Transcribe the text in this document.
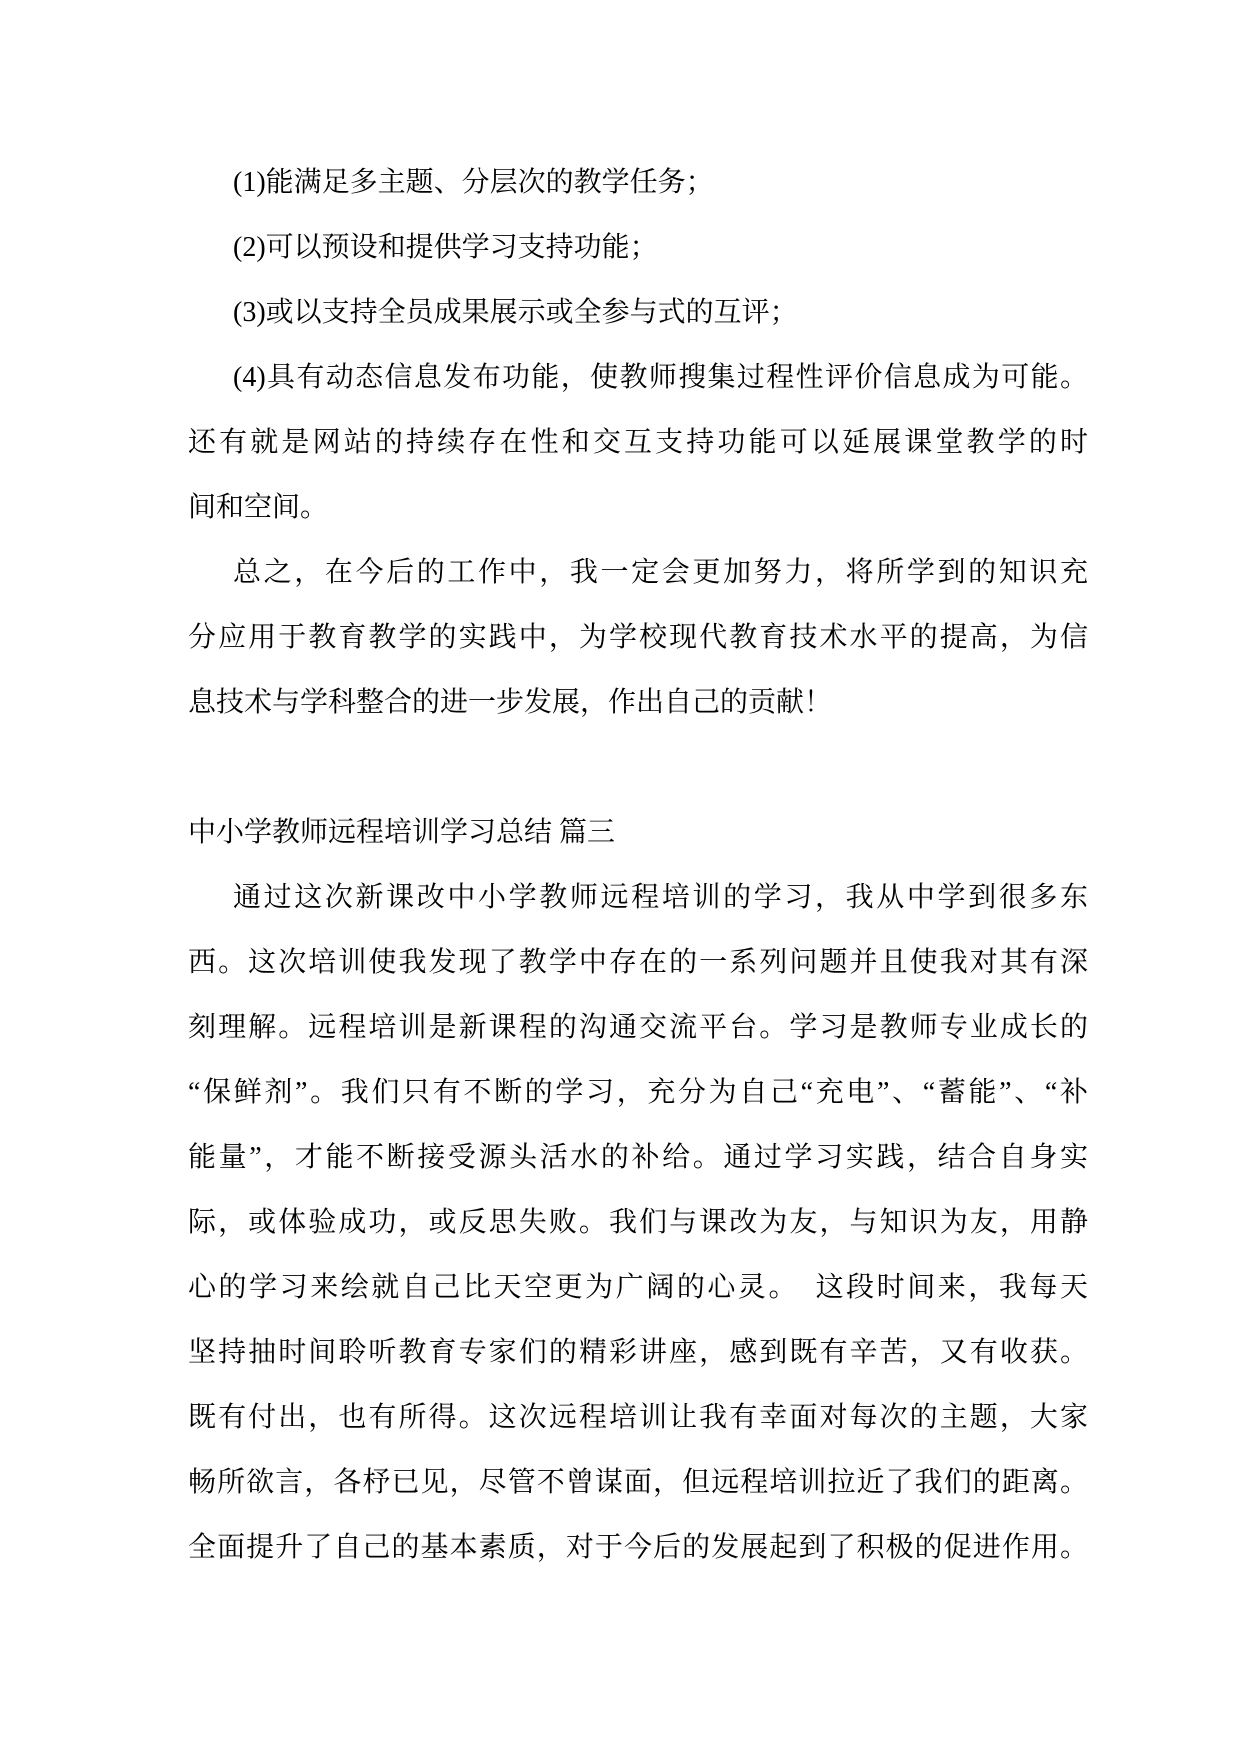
(1)能满足多主题、分层次的教学任务；
(2)可以预设和提供学习支持功能；
(3)或以支持全员成果展示或全参与式的互评；
(4)具有动态信息发布功能，使教师搜集过程性评价信息成为可能。
还有就是网站的持续存在性和交互支持功能可以延展课堂教学的时
间和空间。
总之，在今后的工作中，我一定会更加努力，将所学到的知识充
分应用于教育教学的实践中，为学校现代教育技术水平的提高，为信
息技术与学科整合的进一步发展，作出自己的贡献！
中小学教师远程培训学习总结 篇三
通过这次新课改中小学教师远程培训的学习，我从中学到很多东
西。这次培训使我发现了教学中存在的一系列问题并且使我对其有深
刻理解。远程培训是新课程的沟通交流平台。学习是教师专业成长的
“保鲜剂”。我们只有不断的学习，充分为自己“充电”、“蓄能”、“补
能量”，才能不断接受源头活水的补给。通过学习实践，结合自身实
际，或体验成功，或反思失败。我们与课改为友，与知识为友，用静
心的学习来绘就自己比天空更为广阔的心灵。　这段时间来，我每天
坚持抽时间聆听教育专家们的精彩讲座，感到既有辛苦，又有收获。
既有付出，也有所得。这次远程培训让我有幸面对每次的主题，大家
畅所欲言，各杼已见，尽管不曾谋面，但远程培训拉近了我们的距离。
全面提升了自己的基本素质，对于今后的发展起到了积极的促进作用。
